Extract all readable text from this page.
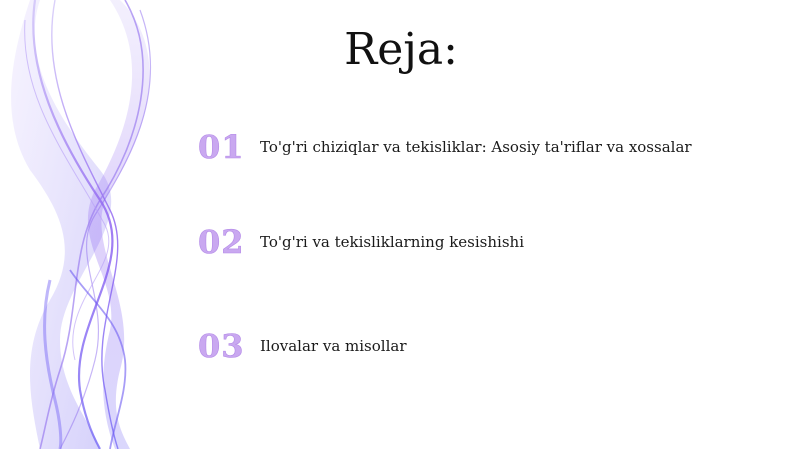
Reja:
01	To'g'ri chiziqlar va tekisliklar: Asosiy ta'riflar va xossalar
02	To'g'ri va tekisliklarning kesishishi
03	Ilovalar va misollar
